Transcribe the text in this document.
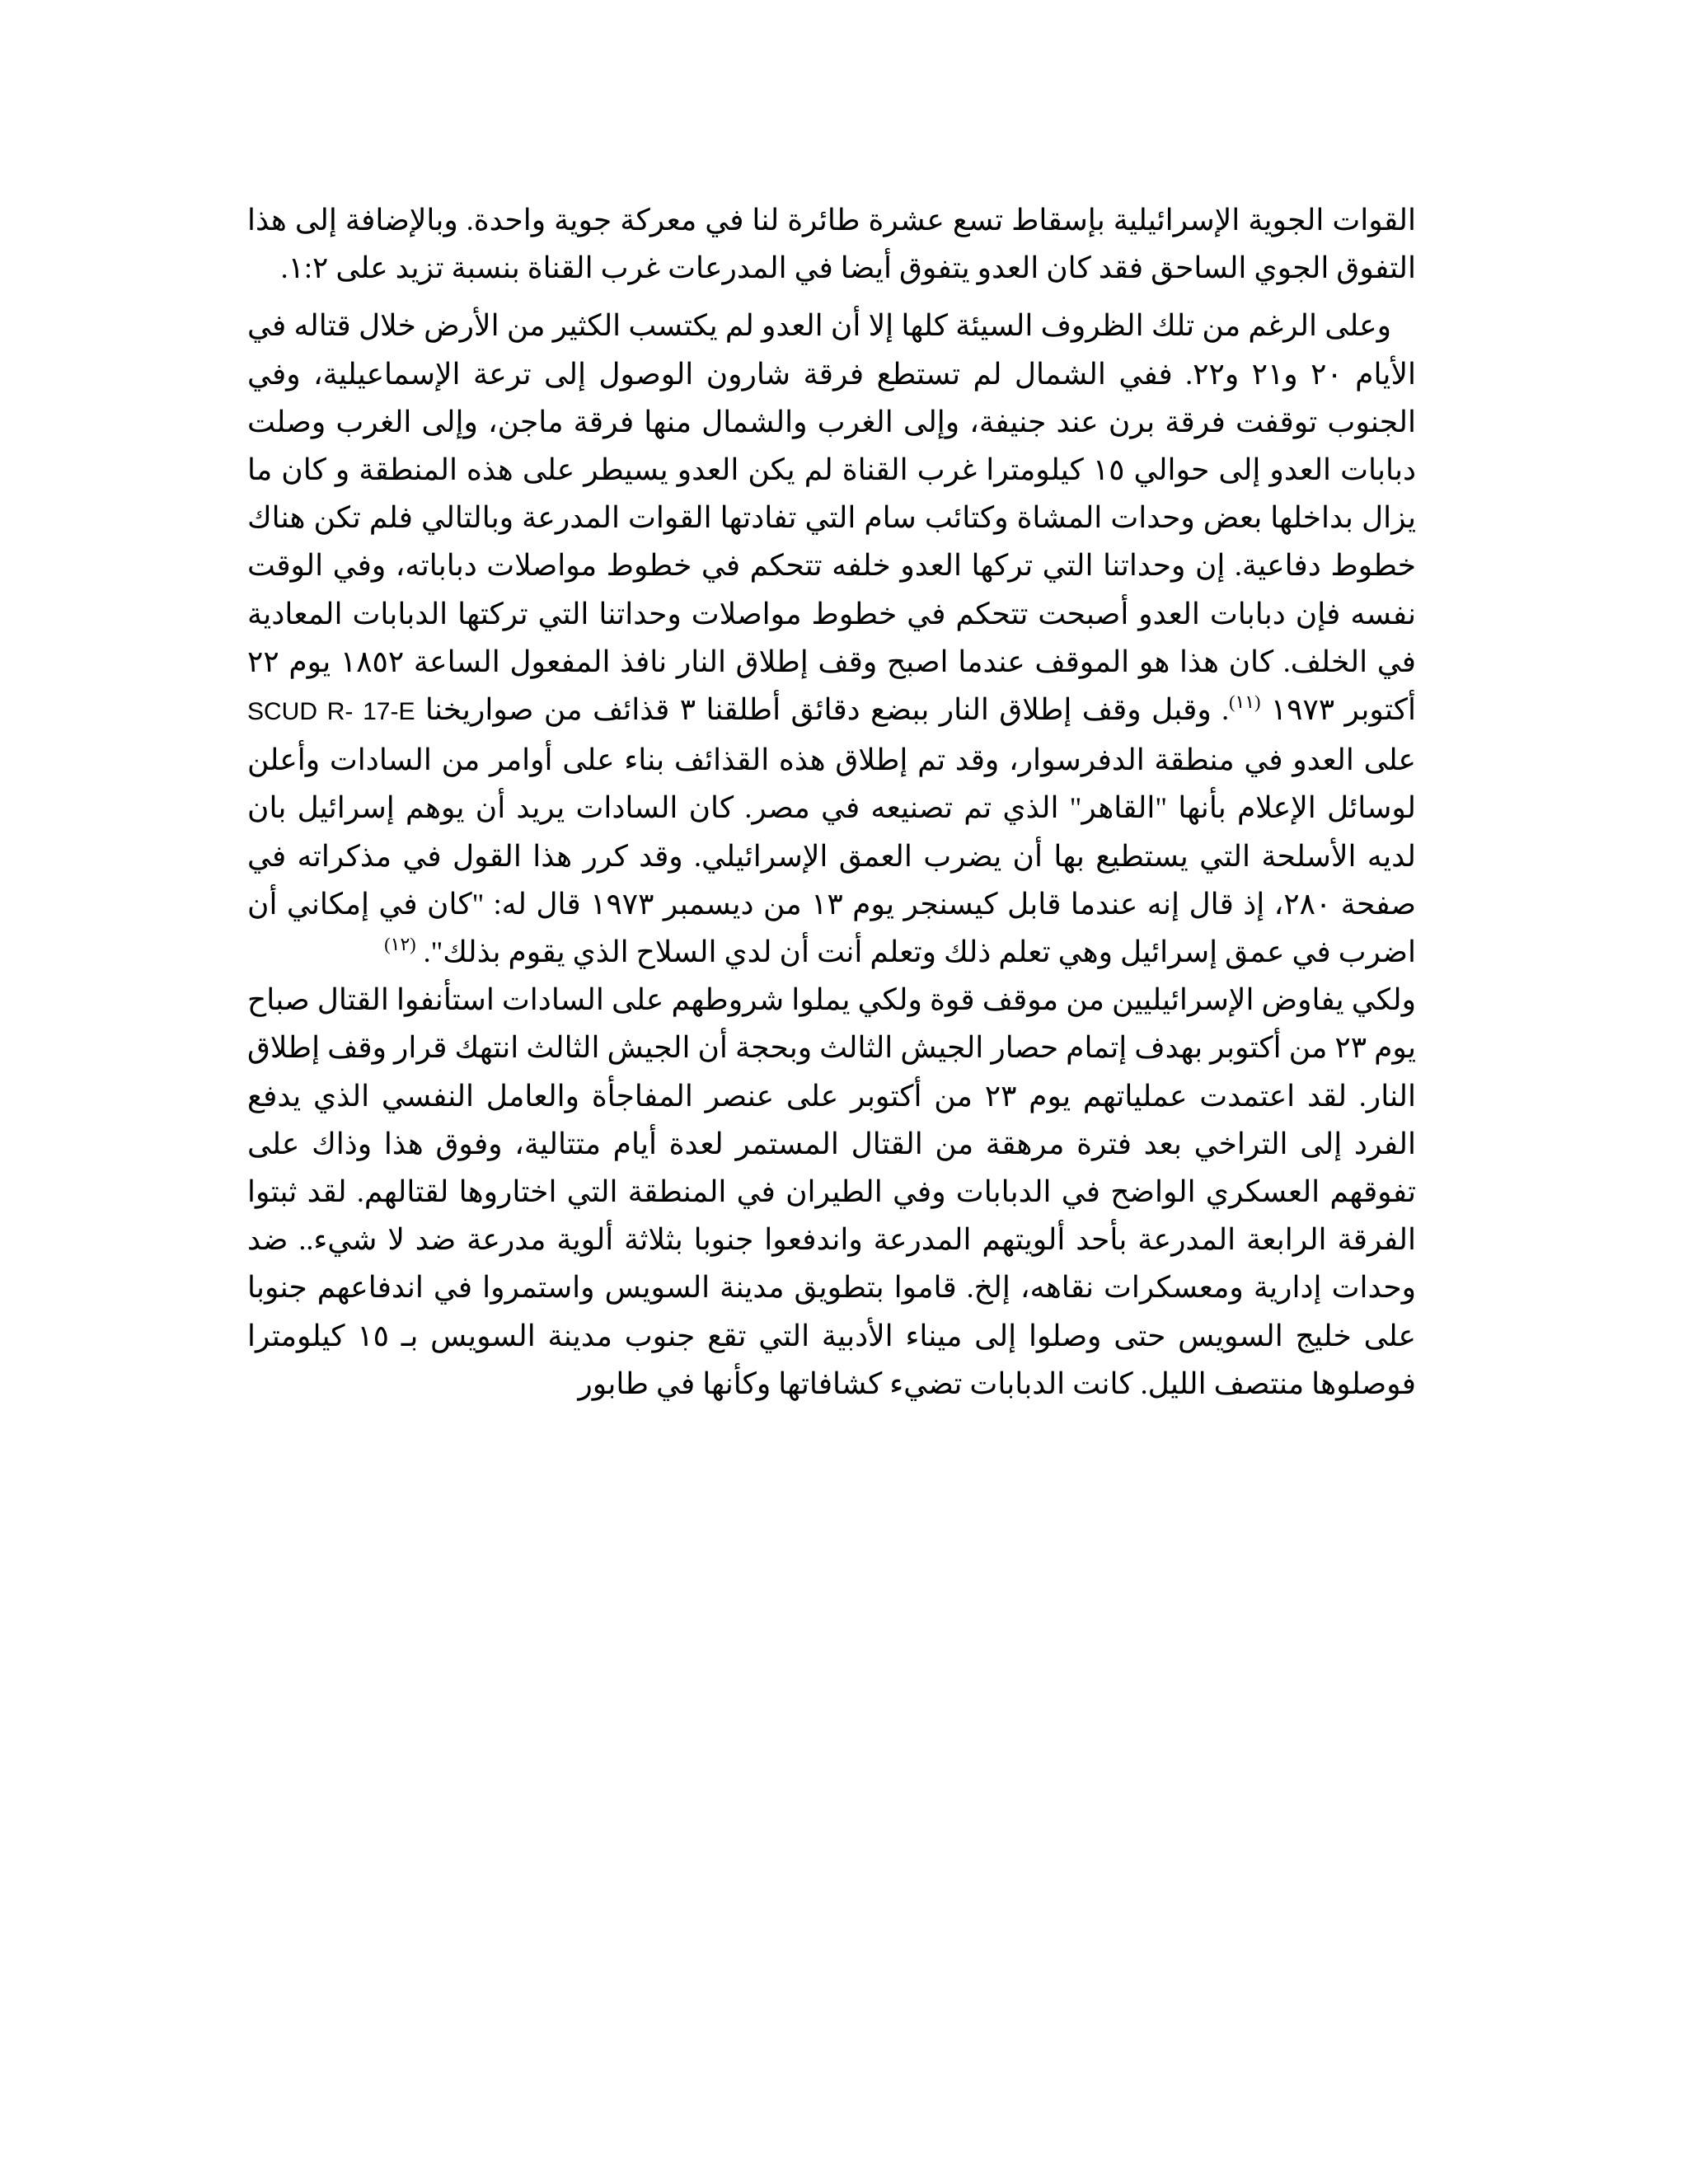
القوات الجوية الإسرائيلية بإسقاط تسع عشرة طائرة لنا في معركة جوية واحدة. وبالإضافة إلى هذا التفوق الجوي الساحق فقد كان العدو يتفوق أيضا في المدرعات غرب القناة بنسبة تزيد على ١:٢.

وعلى الرغم من تلك الظروف السيئة كلها إلا أن العدو لم يكتسب الكثير من الأرض خلال قتاله في الأيام ٢٠ و٢١ و٢٢. ففي الشمال لم تستطع فرقة شارون الوصول إلى ترعة الإسماعيلية، وفي الجنوب توقفت فرقة برن عند جنيفة، وإلى الغرب والشمال منها فرقة ماجن، وإلى الغرب وصلت دبابات العدو إلى حوالي ١٥ كيلومترا غرب القناة لم يكن العدو يسيطر على هذه المنطقة و كان ما يزال بداخلها بعض وحدات المشاة وكتائب سام التي تفادتها القوات المدرعة وبالتالي فلم تكن هناك خطوط دفاعية. إن وحداتنا التي تركها العدو خلفه تتحكم في خطوط مواصلات دباباته، وفي الوقت نفسه فإن دبابات العدو أصبحت تتحكم في خطوط مواصلات وحداتنا التي تركتها الدبابات المعادية في الخلف. كان هذا هو الموقف عندما اصبح وقف إطلاق النار نافذ المفعول الساعة ١٨٥٢ يوم ٢٢ أكتوبر ١٩٧٣ $^{(١١)}$. وقبل وقف إطلاق النار ببضع دقائق أطلقنا ٣ قذائف من صواريخنا SCUD R- 17-E على العدو في منطقة الدفرسوار، وقد تم إطلاق هذه القذائف بناء على أوامر من السادات وأعلن لوسائل الإعلام بأنها "القاهر" الذي تم تصنيعه في مصر. كان السادات يريد أن يوهم إسرائيل بان لديه الأسلحة التي يستطيع بها أن يضرب العمق الإسرائيلي. وقد كرر هذا القول في مذكراته في صفحة ٢٨٠، إذ قال إنه عندما قابل كيسنجر يوم ١٣ من ديسمبر ١٩٧٣ قال له: "كان في إمكاني أن اضرب في عمق إسرائيل وهي تعلم ذلك وتعلم أنت أن لدي السلاح الذي يقوم بذلك". $^{(١٢)}$

ولكي يفاوض الإسرائيليين من موقف قوة ولكي يملوا شروطهم على السادات استأنفوا القتال صباح يوم ٢٣ من أكتوبر بهدف إتمام حصار الجيش الثالث وبحجة أن الجيش الثالث انتهك قرار وقف إطلاق النار. لقد اعتمدت عملياتهم يوم ٢٣ من أكتوبر على عنصر المفاجأة والعامل النفسي الذي يدفع الفرد إلى التراخي بعد فترة مرهقة من القتال المستمر لعدة أيام متتالية، وفوق هذا وذاك على تفوقهم العسكري الواضح في الدبابات وفي الطيران في المنطقة التي اختاروها لقتالهم. لقد ثبتوا الفرقة الرابعة المدرعة بأحد ألويتهم المدرعة واندفعوا جنوبا بثلاثة ألوية مدرعة ضد لا شيء.. ضد وحدات إدارية ومعسكرات نقاهه، إلخ. قاموا بتطويق مدينة السويس واستمروا في اندفاعهم جنوبا على خليج السويس حتى وصلوا إلى ميناء الأدبية التي تقع جنوب مدينة السويس بـ ١٥ كيلومترا فوصلوها منتصف الليل. كانت الدبابات تضيء كشافاتها وكأنها في طابور
